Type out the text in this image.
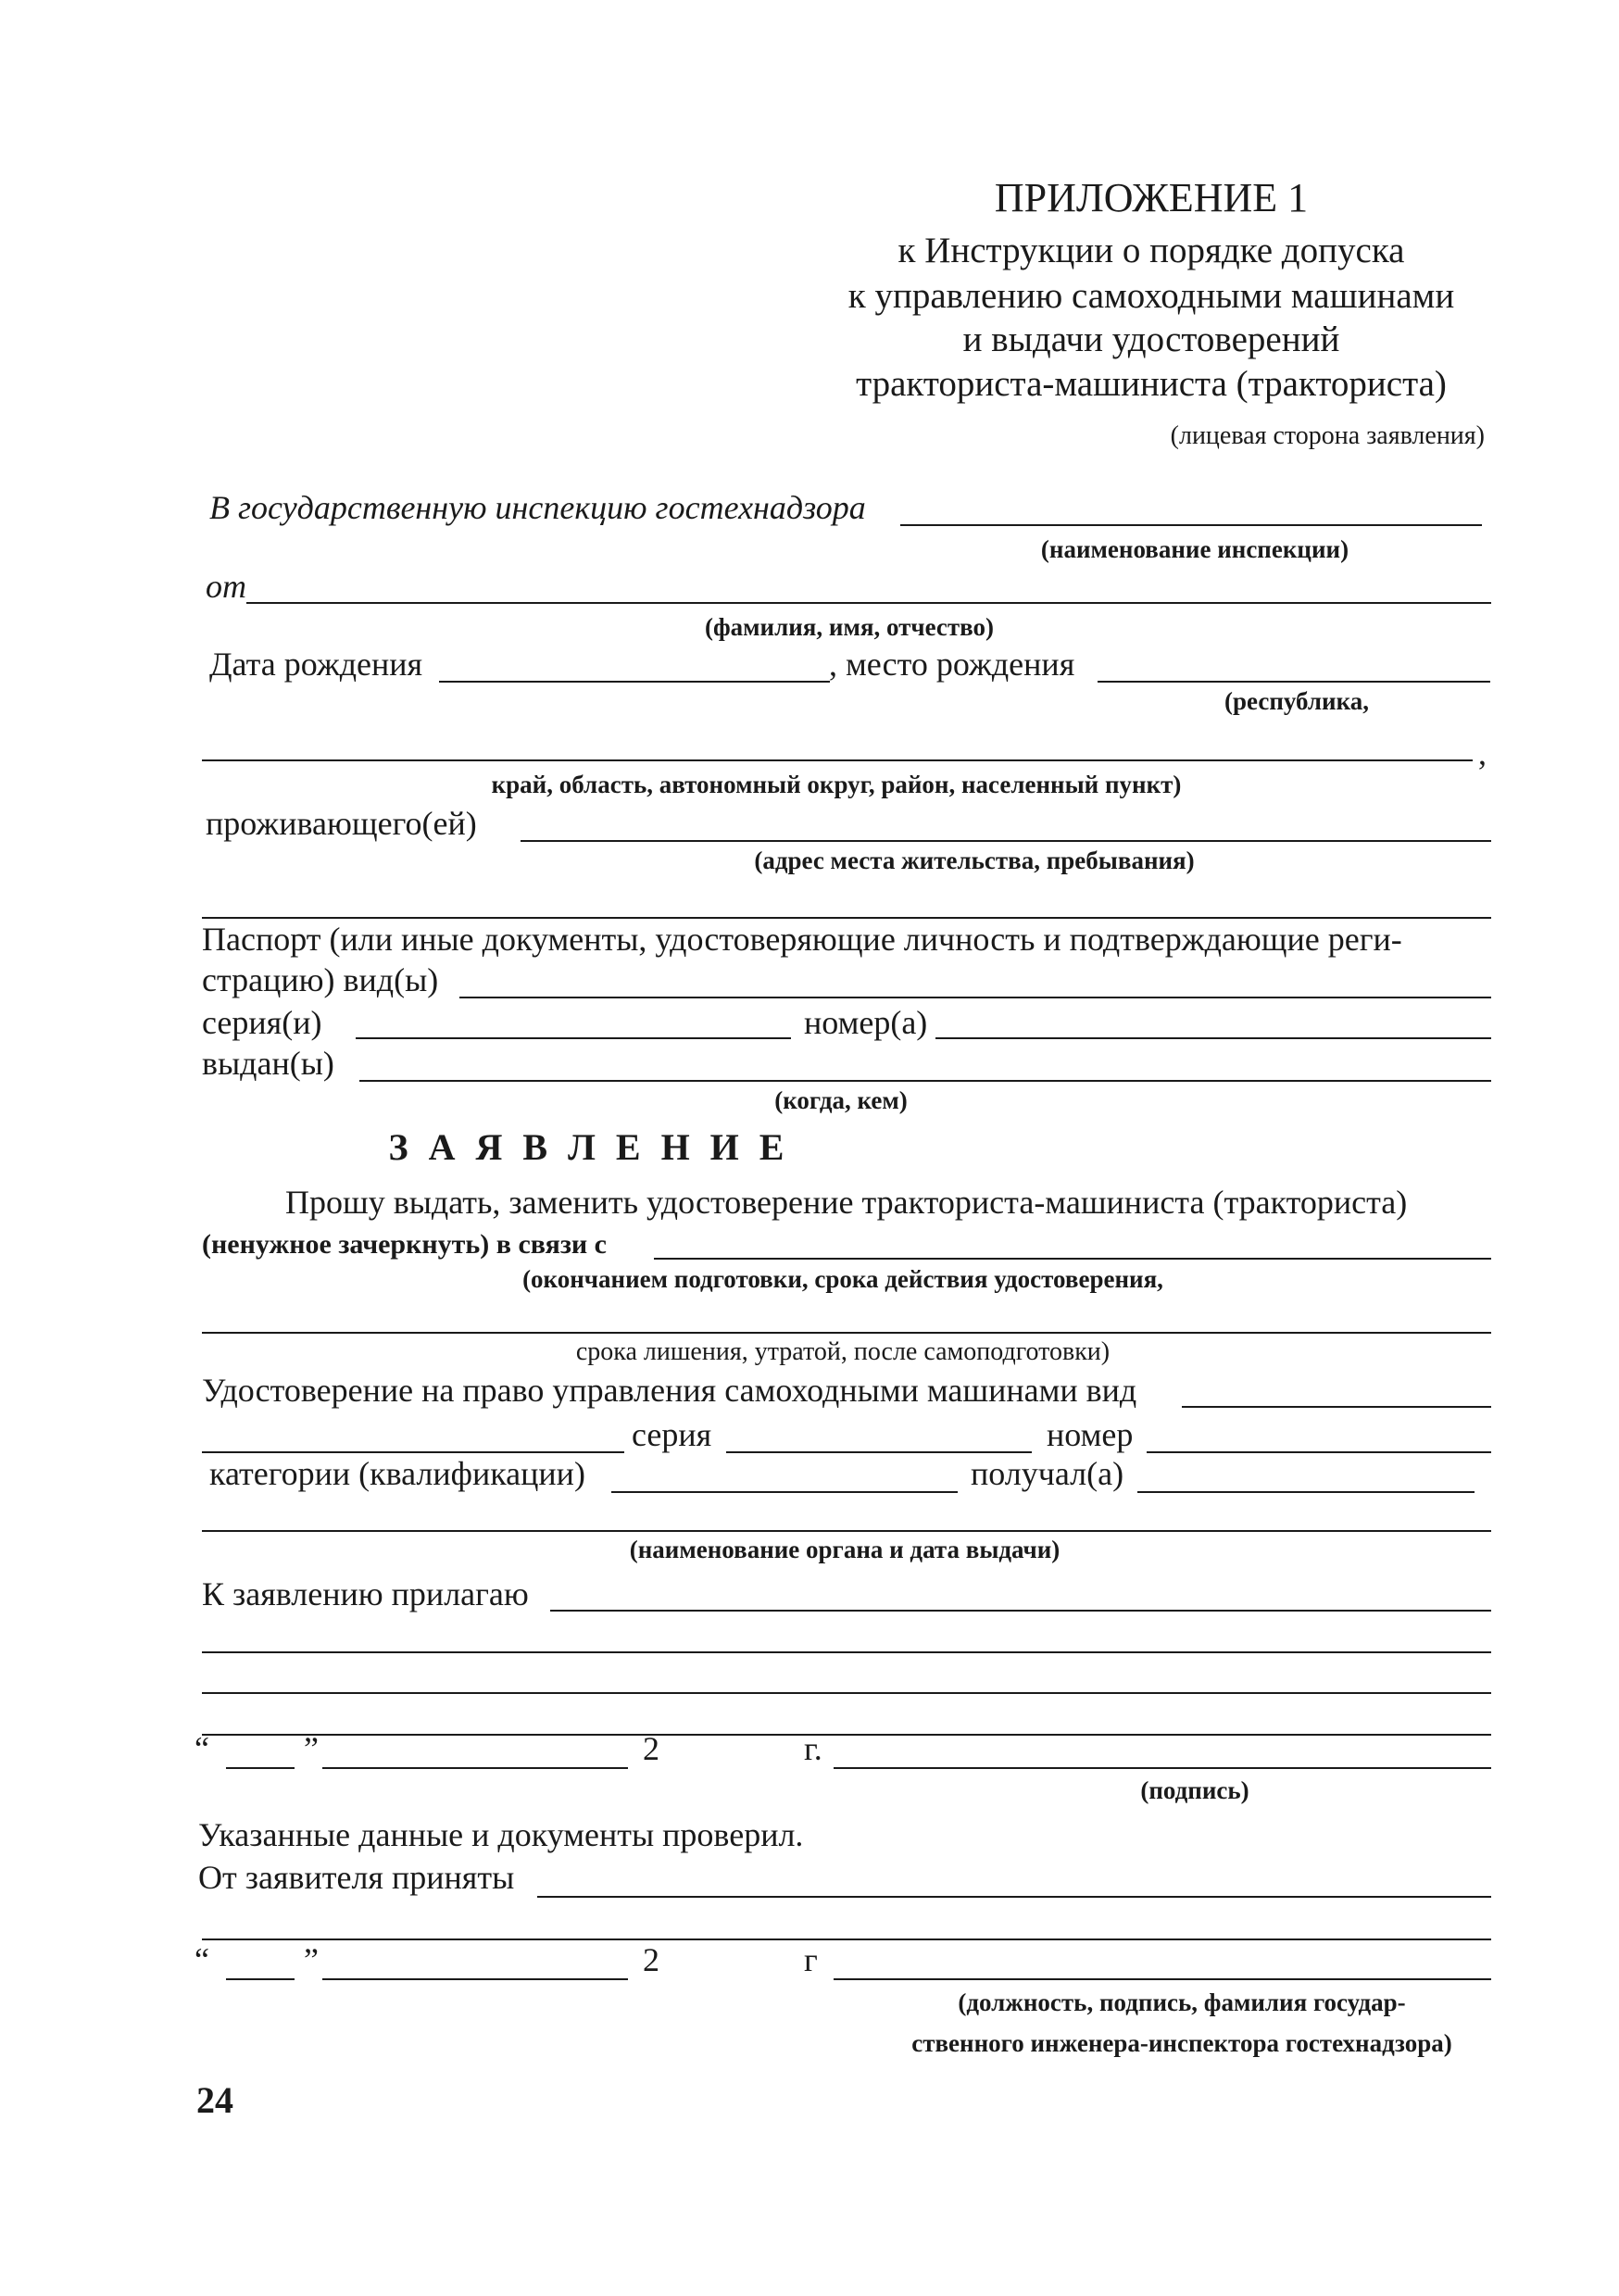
ПРИЛОЖЕНИЕ 1
к Инструкции о порядке допуска
к управлению самоходными машинами
и выдачи удостоверений
тракториста-машиниста (тракториста)
(лицевая сторона заявления)
В государственную инспекцию гостехнадзора
(наименование инспекции)
от
(фамилия, имя, отчество)
Дата рождения	, место рождения
(республика,
,
край, область, автономный округ, район, населенный пункт)
проживающего(ей)
(адрес места жительства, пребывания)
Паспорт (или иные документы, удостоверяющие личность и подтверждающие реги-
страцию) вид(ы)
серия(и)	номер(а)
выдан(ы)
(когда, кем)
З А Я В Л Е Н И Е
Прошу выдать, заменить удостоверение тракториста-машиниста (тракториста)
(ненужное зачеркнуть) в связи с
(окончанием подготовки, срока действия удостоверения,
срока лишения, утратой, после самоподготовки)
Удостоверение на право управления самоходными машинами вид
серия	номер
категории (квалификации)	получал(а)
(наименование органа и дата выдачи)
К заявлению прилагаю
“	”	2	г.
(подпись)
Указанные данные и документы проверил.
От заявителя приняты
“	”	2	г
(должность, подпись, фамилия государ-
ственного инженера-инспектора гостехнадзора)
24
